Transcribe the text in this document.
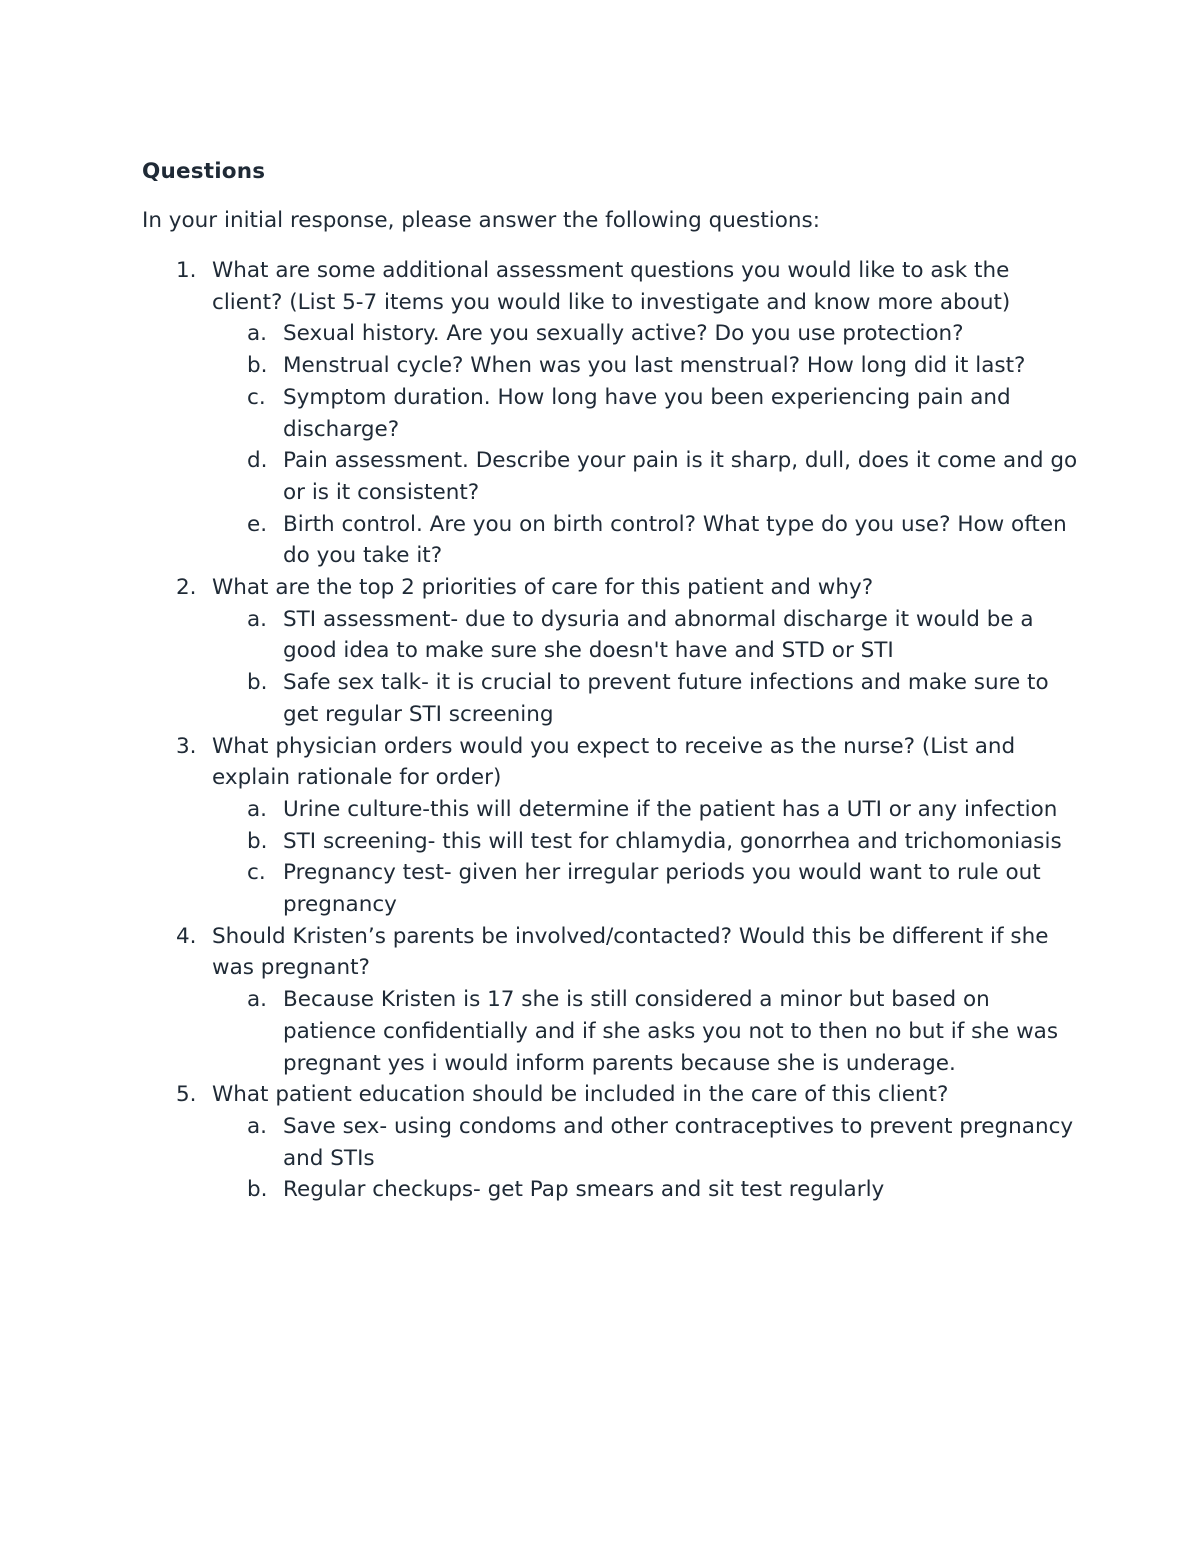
Questions

In your initial response, please answer the following questions:

1. What are some additional assessment questions you would like to ask the client? (List 5-7 items you would like to investigate and know more about)
a. Sexual history. Are you sexually active? Do you use protection?
b. Menstrual cycle? When was you last menstrual? How long did it last?
c. Symptom duration. How long have you been experiencing pain and discharge?
d. Pain assessment. Describe your pain is it sharp, dull, does it come and go or is it consistent?
e. Birth control. Are you on birth control? What type do you use? How often do you take it?
2. What are the top 2 priorities of care for this patient and why?
a. STI assessment- due to dysuria and abnormal discharge it would be a good idea to make sure she doesn't have and STD or STI
b. Safe sex talk- it is crucial to prevent future infections and make sure to get regular STI screening
3. What physician orders would you expect to receive as the nurse? (List and explain rationale for order)
a. Urine culture-this will determine if the patient has a UTI or any infection
b. STI screening- this will test for chlamydia, gonorrhea and trichomoniasis
c. Pregnancy test- given her irregular periods you would want to rule out pregnancy
4. Should Kristen’s parents be involved/contacted? Would this be different if she was pregnant?
a. Because Kristen is 17 she is still considered a minor but based on patience confidentially and if she asks you not to then no but if she was pregnant yes i would inform parents because she is underage.
5. What patient education should be included in the care of this client?
a. Save sex- using condoms and other contraceptives to prevent pregnancy and STIs
b. Regular checkups- get Pap smears and sit test regularly
